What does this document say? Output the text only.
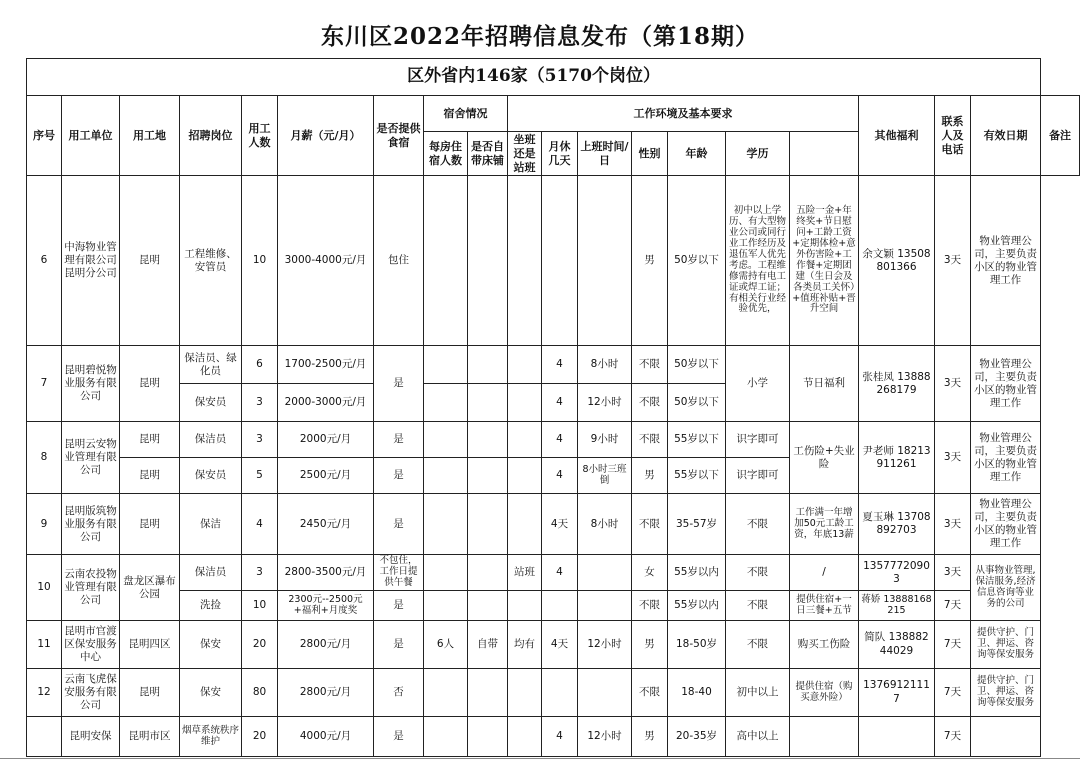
东川区2022年招聘信息发布（第18期）
区外省内146家（5170个岗位）																			
序号	用工单位	用工地	招聘岗位	用工人数	月薪（元/月）	是否提供食宿	宿舍情况		工作环境及基本要求							其他福利	联系人及电话	有效日期	备注
							每房住宿人数	是否自带床铺	坐班还是站班	月休几天	上班时间/日	性别	年龄	学历					
6	中海物业管理有限公司昆明分公司	昆明	工程维修、安管员	10	3000-4000元/月	包住						男	50岁以下	初中以上学历、有大型物业公司或同行业工作经历及退伍军人优先考虑。工程维修需持有电工证或焊工证；有相关行业经验优先，	五险一金+年终奖+节日慰问+工龄工资+定期体检+意外伤害险+工作餐+定期团建（生日会及各类员工关怀）+值班补贴+晋升空间	余文颖 13508801366	3天	物业管理公司，主要负责小区的物业管理工作	
7	昆明碧悦物业服务有限公司	昆明	保洁员、绿化员	6	1700-2500元/月	是				4	8小时	不限	50岁以下	小学	节日福利	张桂凤 13888268179	3天	物业管理公司，主要负责小区的物业管理工作	
			保安员	3	2000-3000元/月					4	12小时	不限	50岁以下						
8	昆明云安物业管理有限公司	昆明	保洁员	3	2000元/月	是				4	9小时	不限	55岁以下	识字即可	工伤险+失业险	尹老师 18213911261	3天	物业管理公司，主要负责小区的物业管理工作	
		昆明	保安员	5	2500元/月	是				4	8小时三班倒	男	55岁以下	识字即可					
9	昆明版筑物业服务有限公司	昆明	保洁	4	2450元/月	是				4天	8小时	不限	35-57岁	不限	工作满一年增加50元工龄工资，年底13薪	夏玉琳 13708892703	3天	物业管理公司，主要负责小区的物业管理工作	
10	云南农投物业管理有限公司	盘龙区瀑布公园	保洁员	3	2800-3500元/月	不包住，工作日提供午餐			站班	4		女	55岁以内	不限	/	13577720903	3天	从事物业管理,保洁服务,经济信息咨询等业务的公司	
			洗捡	10	2300元--2500元+福利+月度奖	是						不限	55岁以内	不限	提供住宿+一日三餐+五节	蒋娇 13888168215	7天		
11	昆明市官渡区保安服务中心	昆明四区	保安	20	2800元/月	是	6人	自带	均有	4天	12小时	男	18-50岁	不限	购买工伤险	简队 13888244029	7天	提供守护、门卫、押运、咨询等保安服务	
12	云南飞虎保安服务有限公司	昆明	保安	80	2800元/月	否						不限	18-40	初中以上	提供住宿（购买意外险）	13769121117	7天	提供守护、门卫、押运、咨询等保安服务	
	昆明安保	昆明市区	烟草系统秩序维护	20	4000元/月	是				4	12小时	男	20-35岁	高中以上			7天		
